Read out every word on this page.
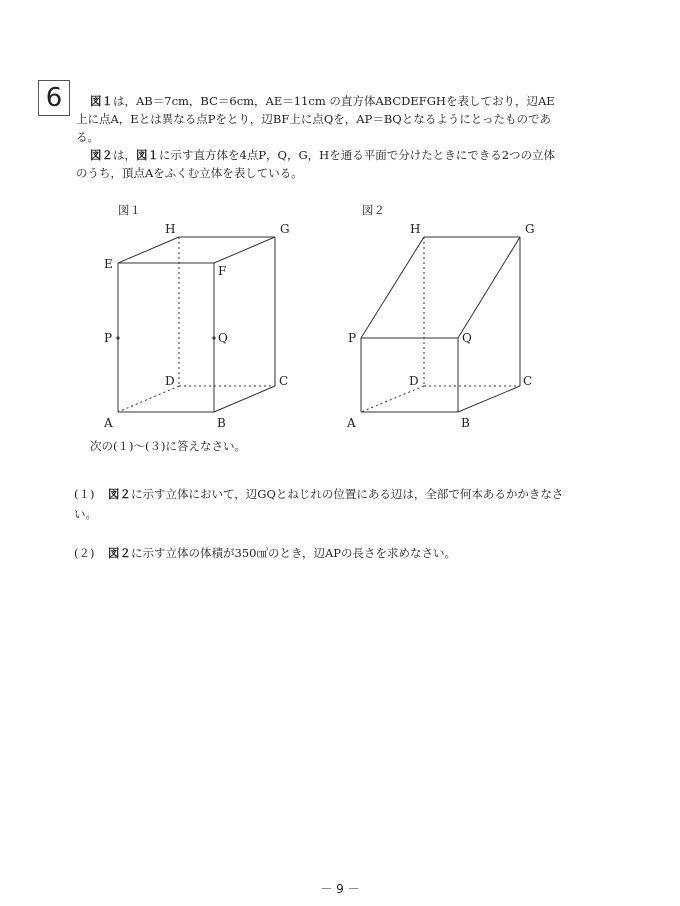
6	図１は，AB＝7cm，BC＝6cm，AE＝11cm の直方体ABCDEFGHを表しており，辺AE上に点A，Eとは異なる点Pをとり，辺BF上に点Qを，AP＝BQとなるようにとったものである。

図２は，図１に示す直方体を4点P，Q，G，Hを通る平面で分けたときにできる2つの立体のうち，頂点Aをふくむ立体を表している。

図１	図２
A	B
C
D
E	F
G
H
P	Q
A	B
C
D
G
H
P	Q
次の(１)～(３)に答えなさい。
(１) 図２に示す立体において，辺GQとねじれの位置にある辺は，全部で何本あるかかきなさい。
(２) 図２に示す立体の体積が350㎤のとき，辺APの長さを求めなさい。
－ 9 －
